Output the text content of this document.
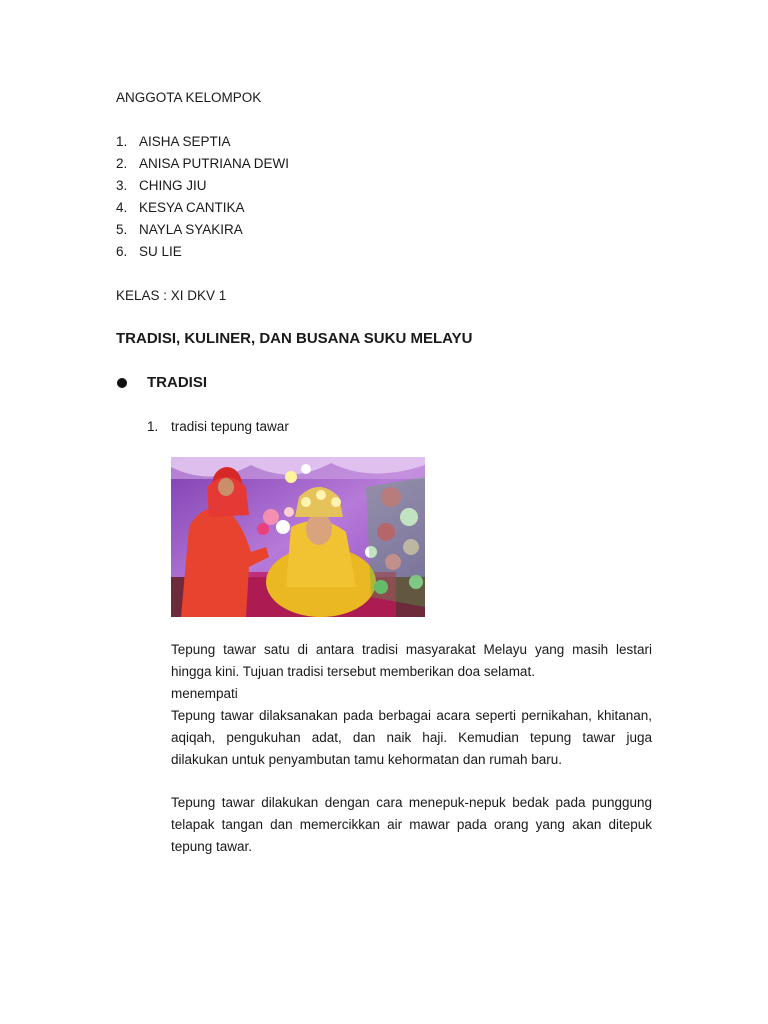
ANGGOTA KELOMPOK
1. AISHA SEPTIA
2. ANISA PUTRIANA DEWI
3. CHING JIU
4. KESYA CANTIKA
5. NAYLA SYAKIRA
6. SU LIE
KELAS : XI DKV 1
TRADISI, KULINER, DAN BUSANA SUKU MELAYU
TRADISI
1. tradisi tepung tawar
Tepung tawar satu di antara tradisi masyarakat Melayu yang masih lestari
hingga kini. Tujuan tradisi tersebut memberikan doa selamat.
menempati
Tepung tawar dilaksanakan pada berbagai acara seperti pernikahan, khitanan,
aqiqah, pengukuhan adat, dan naik haji. Kemudian tepung tawar juga
dilakukan untuk penyambutan tamu kehormatan dan rumah baru.
Tepung tawar dilakukan dengan cara menepuk-nepuk bedak pada punggung
telapak tangan dan memercikkan air mawar pada orang yang akan ditepuk
tepung tawar.
